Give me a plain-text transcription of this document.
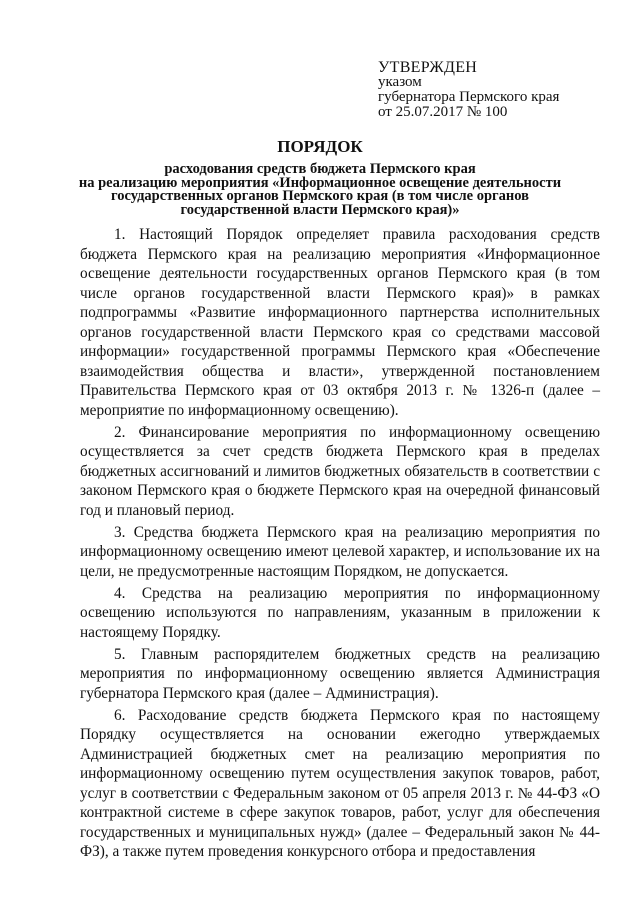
УТВЕРЖДЕН
указом
губернатора Пермского края
от 25.07.2017 № 100
ПОРЯДОК
расходования средств бюджета Пермского края
на реализацию мероприятия «Информационное освещение деятельности
государственных органов Пермского края (в том числе органов
государственной власти Пермского края)»

1. Настоящий Порядок определяет правила расходования средств бюджета Пермского края на реализацию мероприятия «Информационное освещение деятельности государственных органов Пермского края (в том числе органов государственной власти Пермского края)» в рамках подпрограммы «Развитие информационного партнерства исполнительных органов государственной власти Пермского края со средствами массовой информации» государственной программы Пермского края «Обеспечение взаимодействия общества и власти», утвержденной постановлением Правительства Пермского края от 03 октября 2013 г. № 1326-п (далее – мероприятие по информационному освещению).

2. Финансирование мероприятия по информационному освещению осуществляется за счет средств бюджета Пермского края в пределах бюджетных ассигнований и лимитов бюджетных обязательств в соответствии с законом Пермского края о бюджете Пермского края на очередной финансовый год и плановый период.

3. Средства бюджета Пермского края на реализацию мероприятия по информационному освещению имеют целевой характер, и использование их на цели, не предусмотренные настоящим Порядком, не допускается.

4. Средства на реализацию мероприятия по информационному освещению используются по направлениям, указанным в приложении к настоящему Порядку.

5. Главным распорядителем бюджетных средств на реализацию мероприятия по информационному освещению является Администрация губернатора Пермского края (далее – Администрация).

6. Расходование средств бюджета Пермского края по настоящему Порядку осуществляется на основании ежегодно утверждаемых Администрацией бюджетных смет на реализацию мероприятия по информационному освещению путем осуществления закупок товаров, работ, услуг в соответствии с Федеральным законом от 05 апреля 2013 г. № 44-ФЗ «О контрактной системе в сфере закупок товаров, работ, услуг для обеспечения государственных и муниципальных нужд» (далее – Федеральный закон № 44-ФЗ), а также путем проведения конкурсного отбора и предоставления
